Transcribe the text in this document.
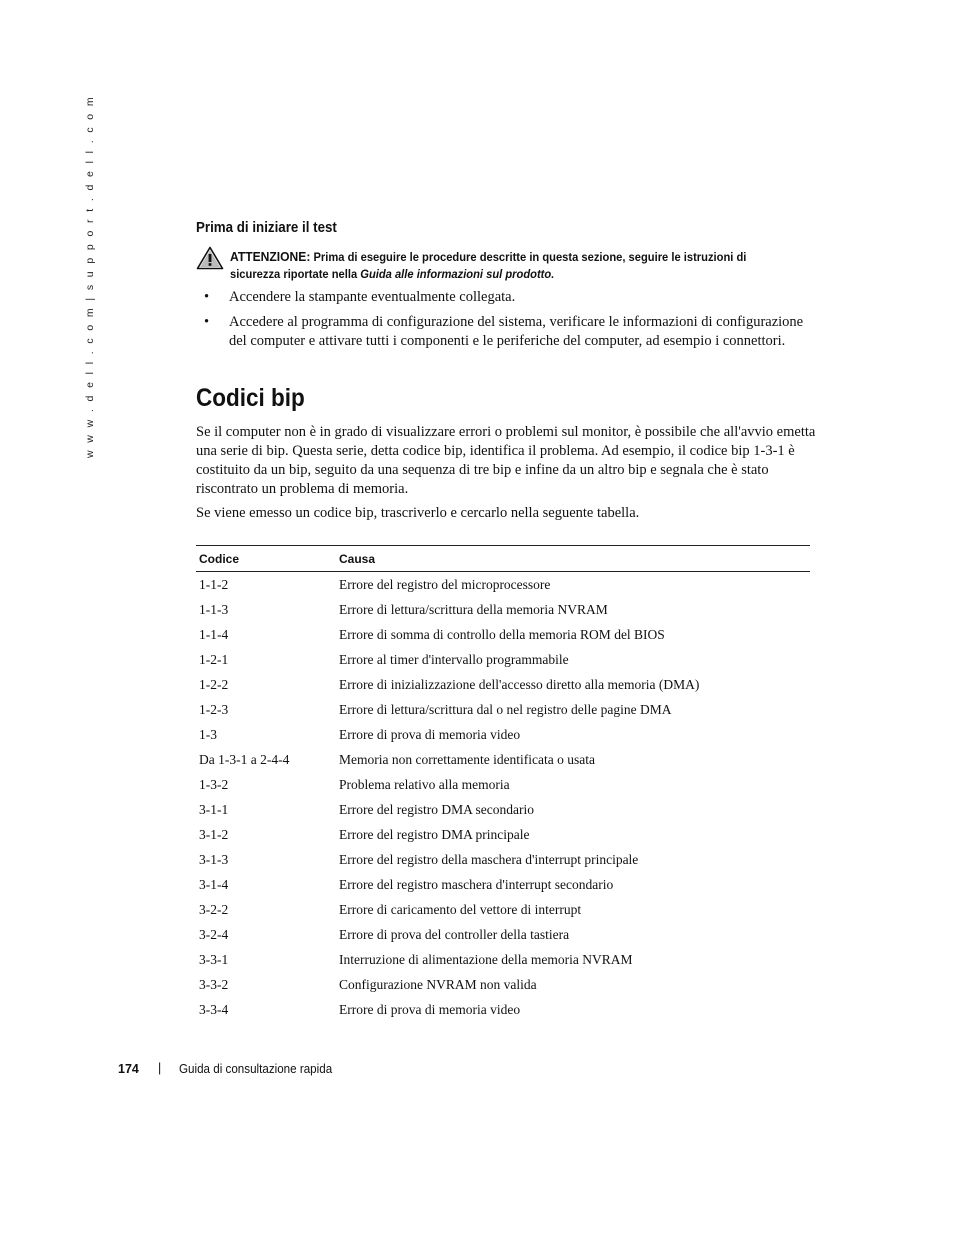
w w w . d e l l . c o m | s u p p o r t . d e l l . c o m	Prima di iniziare il test
ATTENZIONE: Prima di eseguire le procedure descritte in questa sezione, seguire le istruzioni di sicurezza riportate nella Guida alle informazioni sul prodotto.
• Accendere la stampante eventualmente collegata.
• Accedere al programma di configurazione del sistema, verificare le informazioni di configurazione del computer e attivare tutti i componenti e le periferiche del computer, ad esempio i connettori.
Codici bip

Se il computer non è in grado di visualizzare errori o problemi sul monitor, è possibile che all'avvio emetta una serie di bip. Questa serie, detta codice bip, identifica il problema. Ad esempio, il codice bip 1-3-1 è costituito da un bip, seguito da una sequenza di tre bip e infine da un altro bip e segnala che è stato riscontrato un problema di memoria.

Se viene emesso un codice bip, trascriverlo e cercarlo nella seguente tabella.

Codice	Causa
1-1-2	Errore del registro del microprocessore
1-1-3	Errore di lettura/scrittura della memoria NVRAM
1-1-4	Errore di somma di controllo della memoria ROM del BIOS
1-2-1	Errore al timer d'intervallo programmabile
1-2-2	Errore di inizializzazione dell'accesso diretto alla memoria (DMA)
1-2-3	Errore di lettura/scrittura dal o nel registro delle pagine DMA
1-3	Errore di prova di memoria video
Da 1-3-1 a 2-4-4	Memoria non correttamente identificata o usata
1-3-2	Problema relativo alla memoria
3-1-1	Errore del registro DMA secondario
3-1-2	Errore del registro DMA principale
3-1-3	Errore del registro della maschera d'interrupt principale
3-1-4	Errore del registro maschera d'interrupt secondario
3-2-2	Errore di caricamento del vettore di interrupt
3-2-4	Errore di prova del controller della tastiera
3-3-1	Interruzione di alimentazione della memoria NVRAM
3-3-2	Configurazione NVRAM non valida
3-3-4	Errore di prova di memoria video
174 | Guida di consultazione rapida
